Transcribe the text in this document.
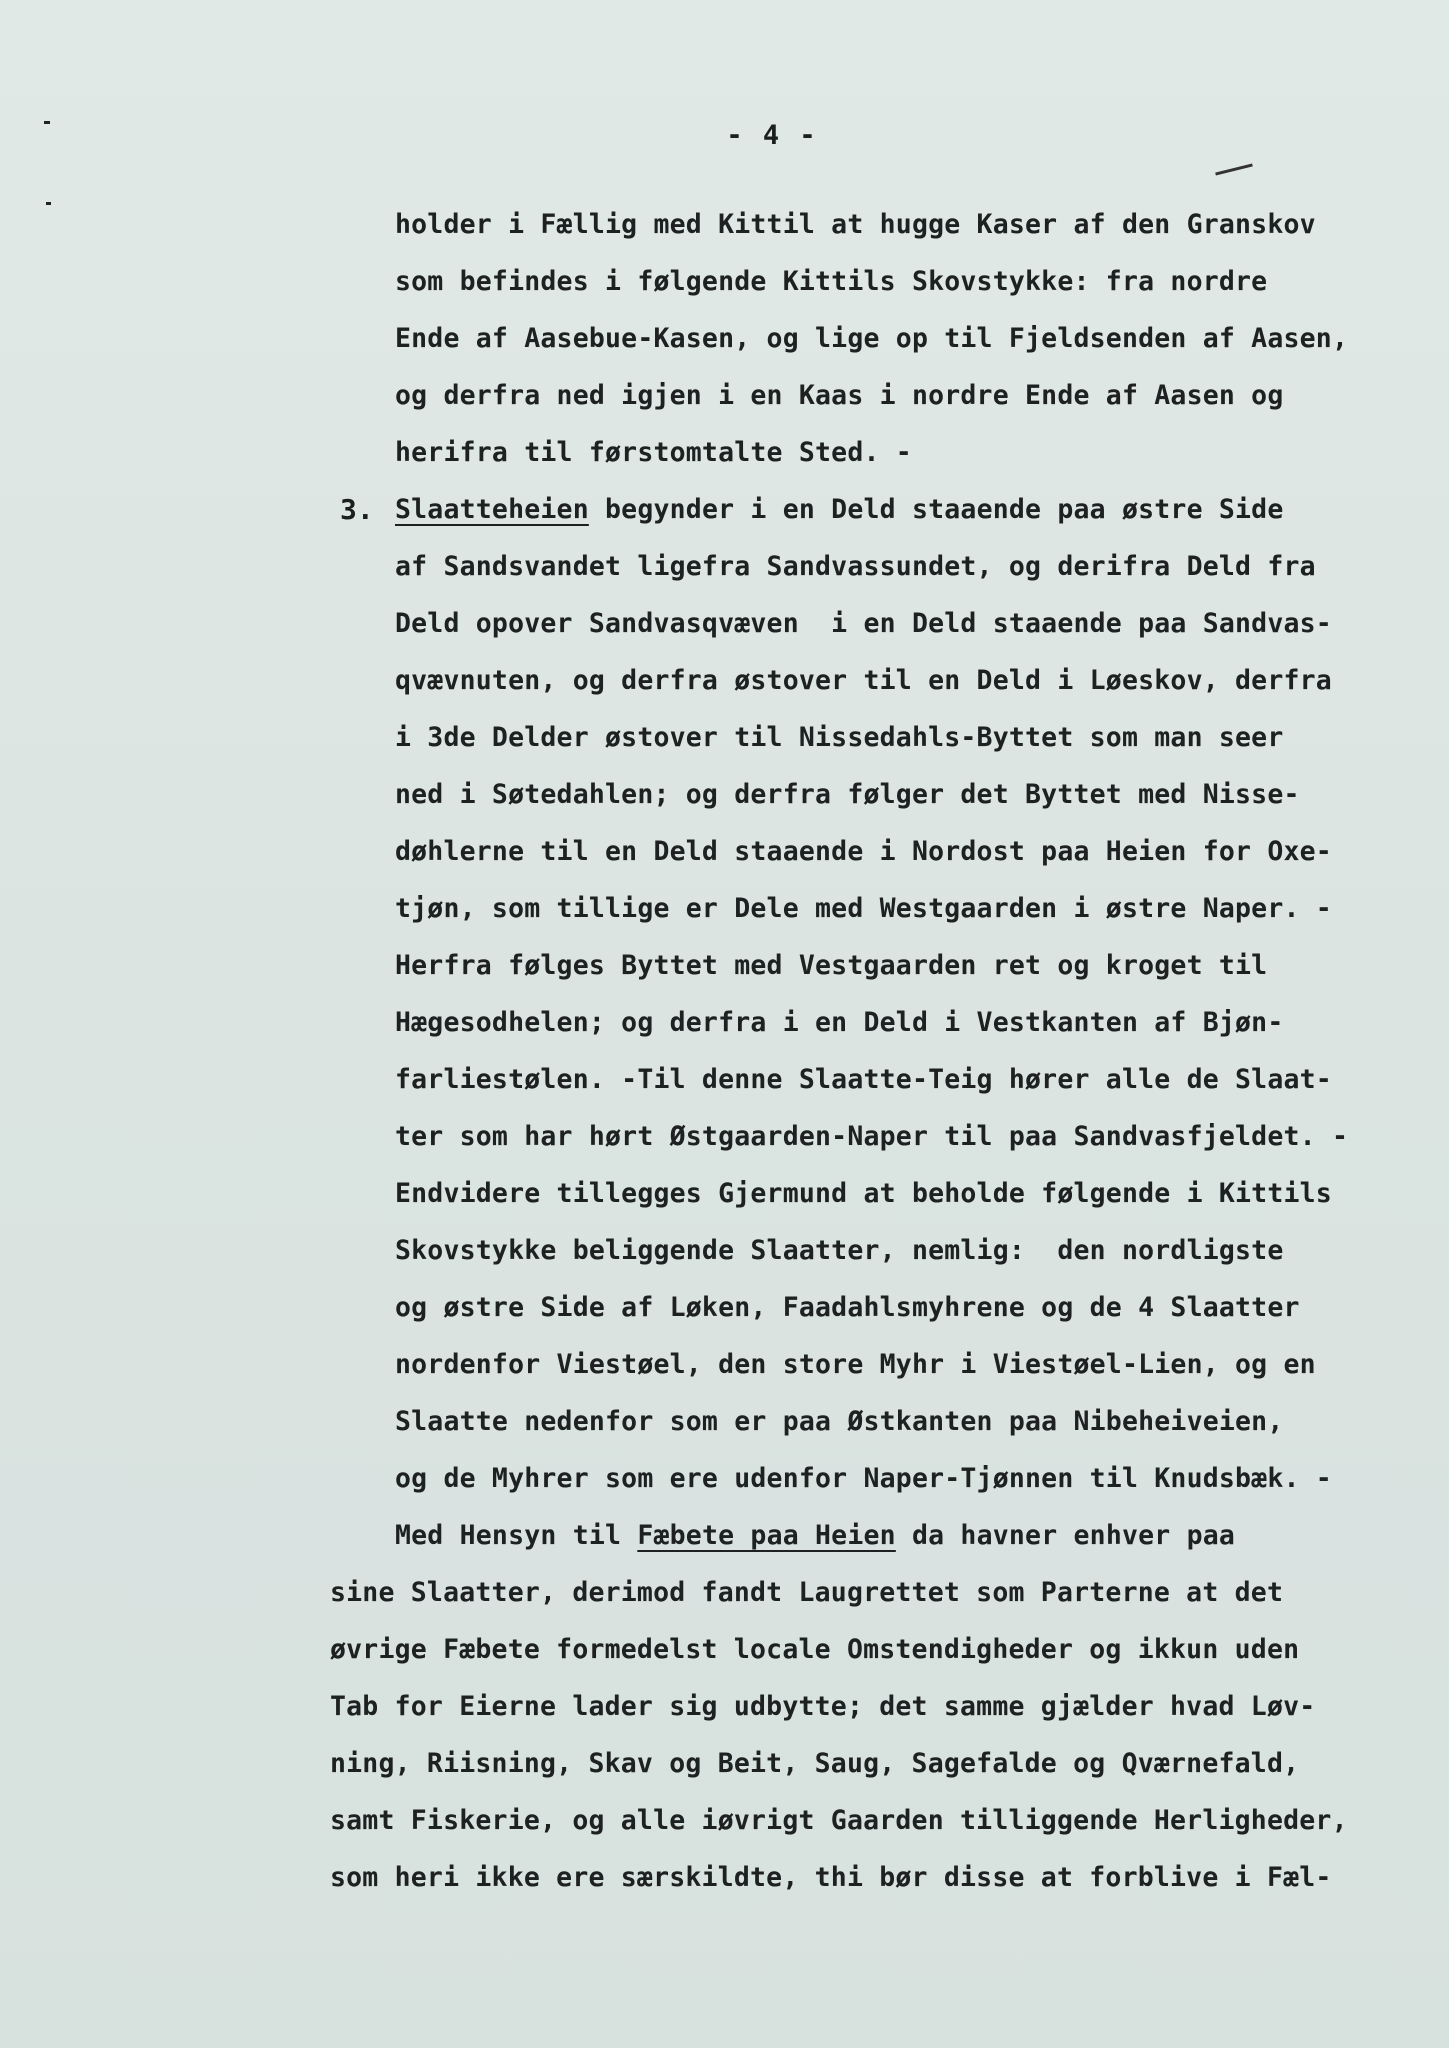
- 4 -
holder i Fællig med Kittil at hugge Kaser af den Granskov
som befindes i følgende Kittils Skovstykke: fra nordre
Ende af Aasebue-Kasen, og lige op til Fjeldsenden af Aasen,
og derfra ned igjen i en Kaas i nordre Ende af Aasen og
herifra til førstomtalte Sted. -
3. Slaatteheien begynder i en Deld staaende paa østre Side
af Sandsvandet ligefra Sandvassundet, og derifra Deld fra
Deld opover Sandvasqvæven  i en Deld staaende paa Sandvas-
qvævnuten, og derfra østover til en Deld i Løeskov, derfra
i 3de Delder østover til Nissedahls-Byttet som man seer
ned i Søtedahlen; og derfra følger det Byttet med Nisse-
døhlerne til en Deld staaende i Nordost paa Heien for Oxe-
tjøn, som tillige er Dele med Westgaarden i østre Naper. -
Herfra følges Byttet med Vestgaarden ret og kroget til
Hægesodhelen; og derfra i en Deld i Vestkanten af Bjøn-
farliestølen. -Til denne Slaatte-Teig hører alle de Slaat-
ter som har hørt Østgaarden-Naper til paa Sandvasfjeldet. -
Endvidere tillegges Gjermund at beholde følgende i Kittils
Skovstykke beliggende Slaatter, nemlig:  den nordligste
og østre Side af Løken, Faadahlsmyhrene og de 4 Slaatter
nordenfor Viestøel, den store Myhr i Viestøel-Lien, og en
Slaatte nedenfor som er paa Østkanten paa Nibeheiveien,
og de Myhrer som ere udenfor Naper-Tjønnen til Knudsbæk. -
Med Hensyn til Fæbete paa Heien da havner enhver paa
sine Slaatter, derimod fandt Laugrettet som Parterne at det
øvrige Fæbete formedelst locale Omstendigheder og ikkun uden
Tab for Eierne lader sig udbytte; det samme gjælder hvad Løv-
ning, Riisning, Skav og Beit, Saug, Sagefalde og Qværnefald,
samt Fiskerie, og alle iøvrigt Gaarden tilliggende Herligheder,
som heri ikke ere særskildte, thi bør disse at forblive i Fæl-
